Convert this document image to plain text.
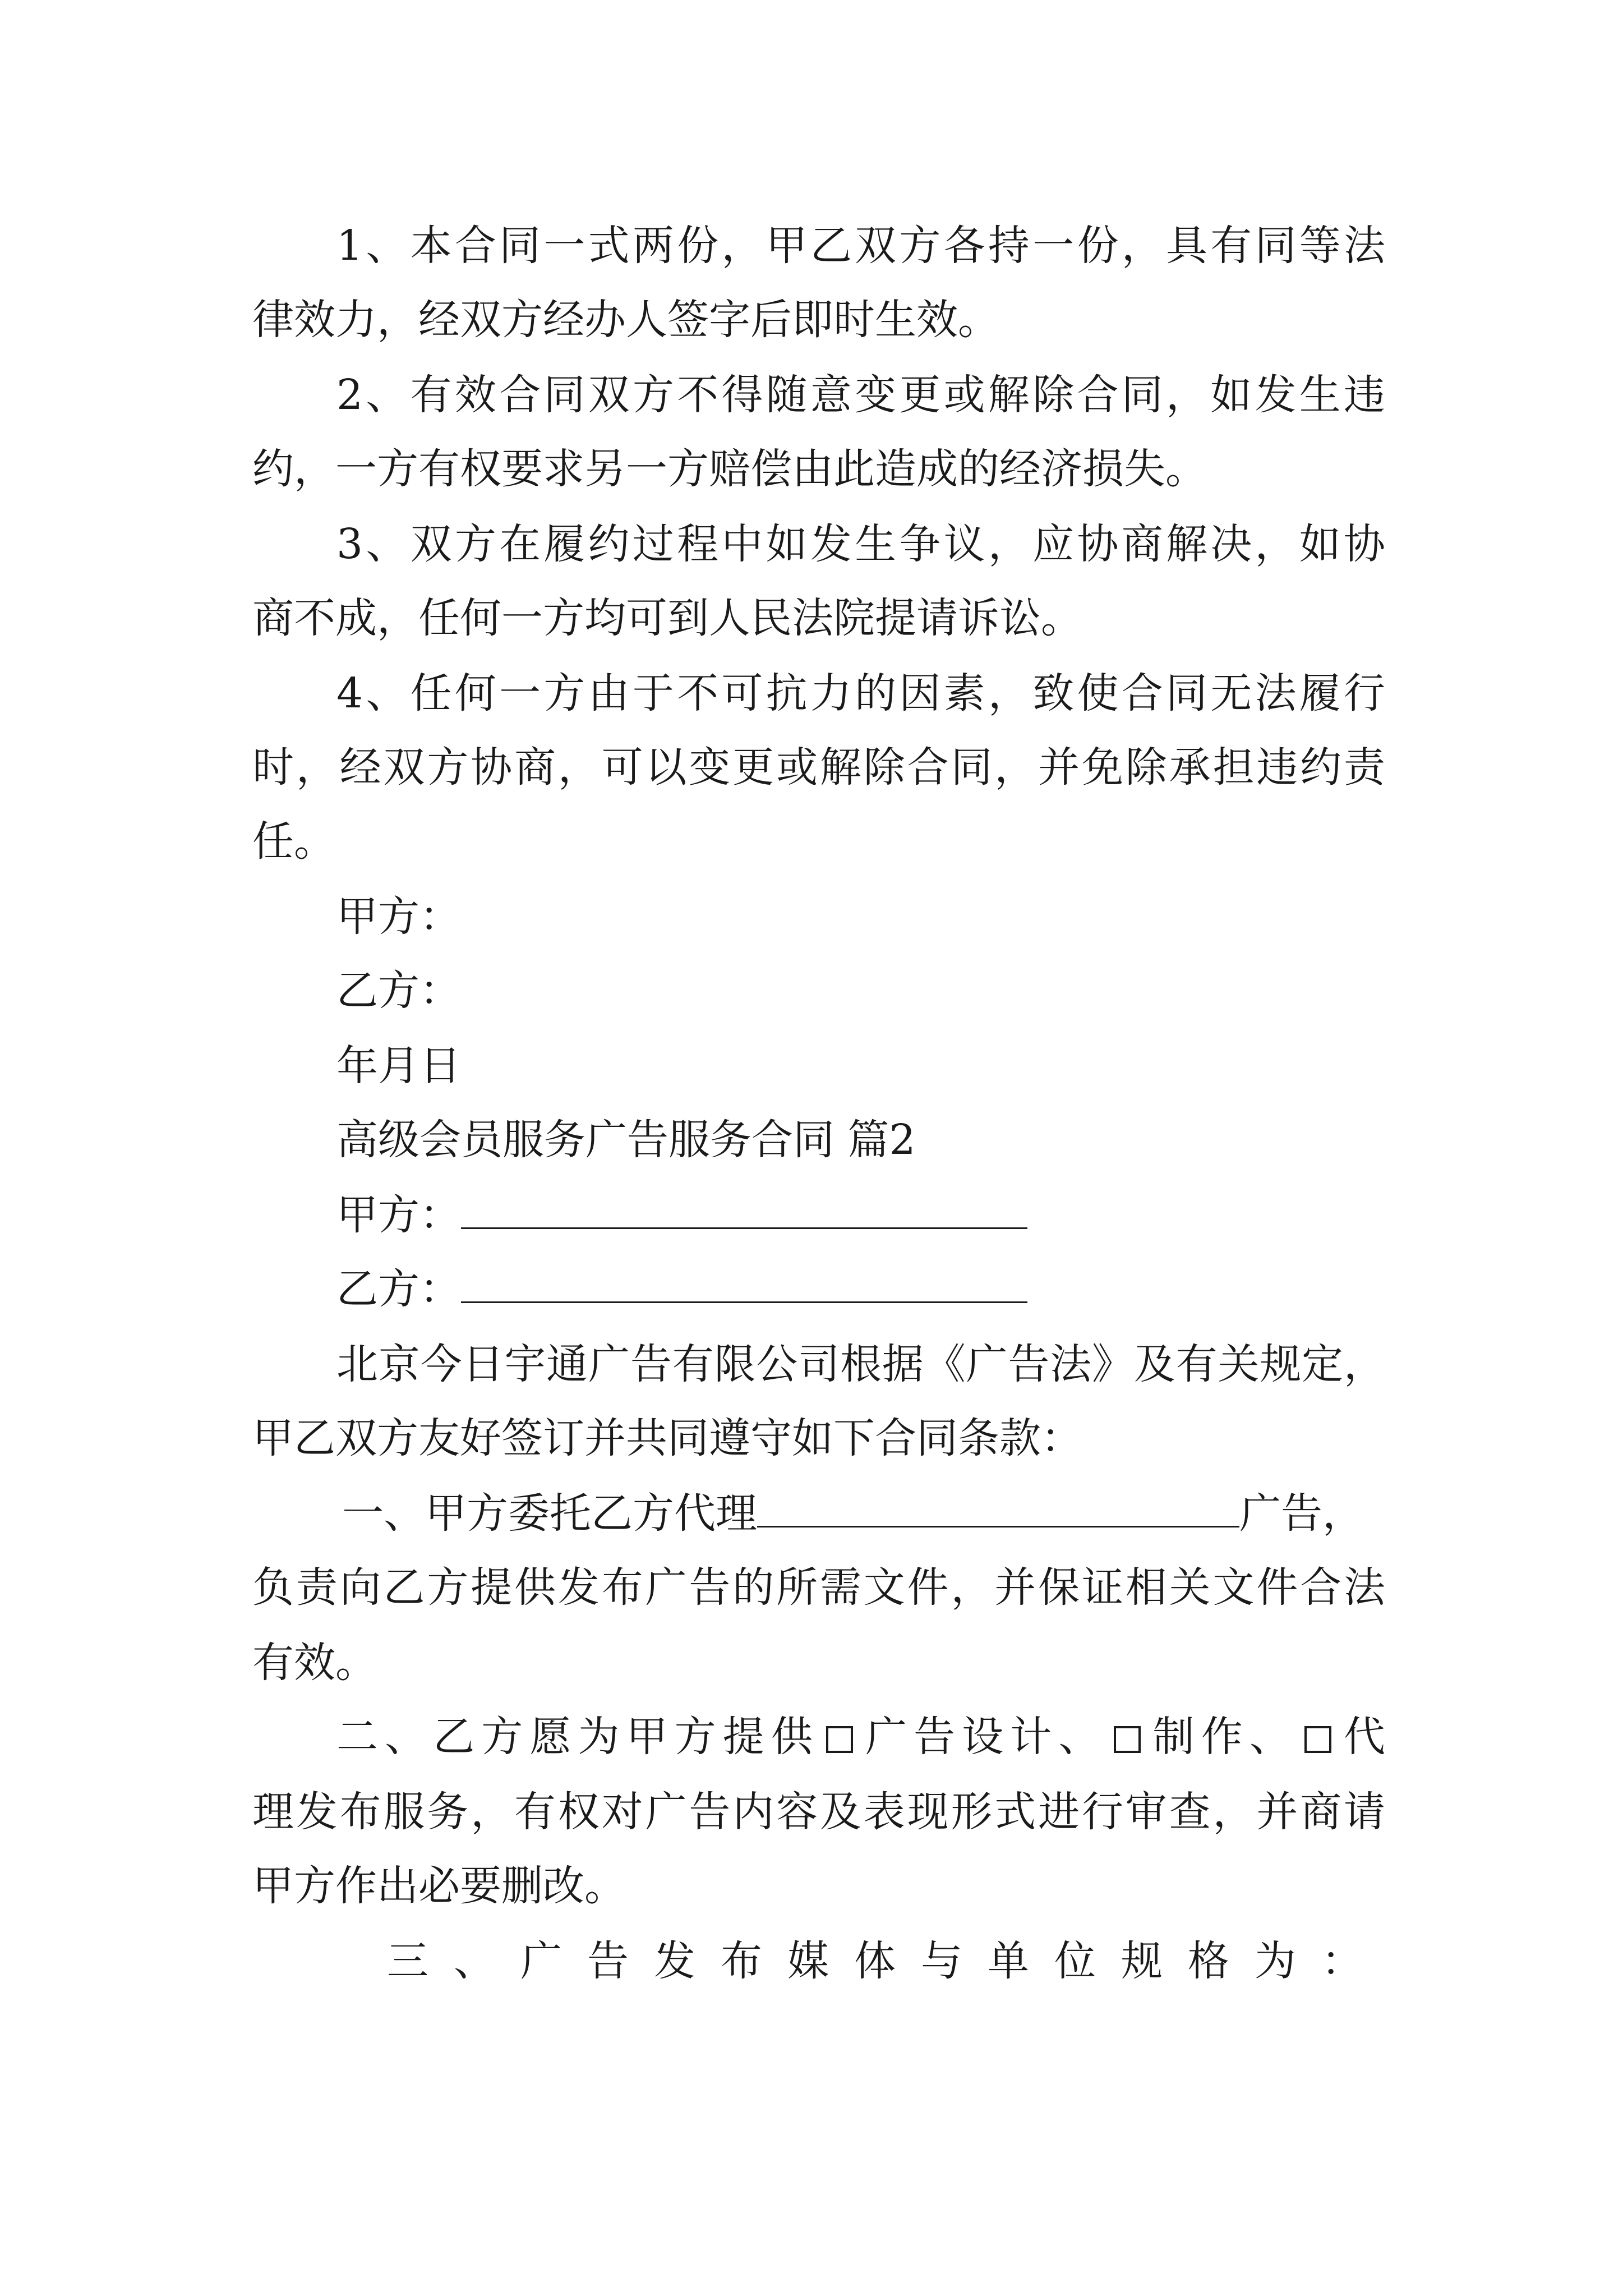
1、本合同一式两份，甲乙双方各持一份，具有同等法
律效力，经双方经办人签字后即时生效。
2、有效合同双方不得随意变更或解除合同，如发生违
约，一方有权要求另一方赔偿由此造成的经济损失。
3、双方在履约过程中如发生争议，应协商解决，如协
商不成，任何一方均可到人民法院提请诉讼。
4、任何一方由于不可抗力的因素，致使合同无法履行
时，经双方协商，可以变更或解除合同，并免除承担违约责
任。
甲方：
乙方：
年月日
高级会员服务广告服务合同 篇2
甲方：
乙方：
北京今日宇通广告有限公司根据《广告法》及有关规定，
甲乙双方友好签订并共同遵守如下合同条款：
一、甲方委托乙方代理	广告，
负责向乙方提供发布广告的所需文件，并保证相关文件合法
有效。
二、乙方愿为甲方提供 广告设计、 制作、 代
理发布服务，有权对广告内容及表现形式进行审查，并商请
甲方作出必要删改。
三、广告发布媒体与单位规格为：
